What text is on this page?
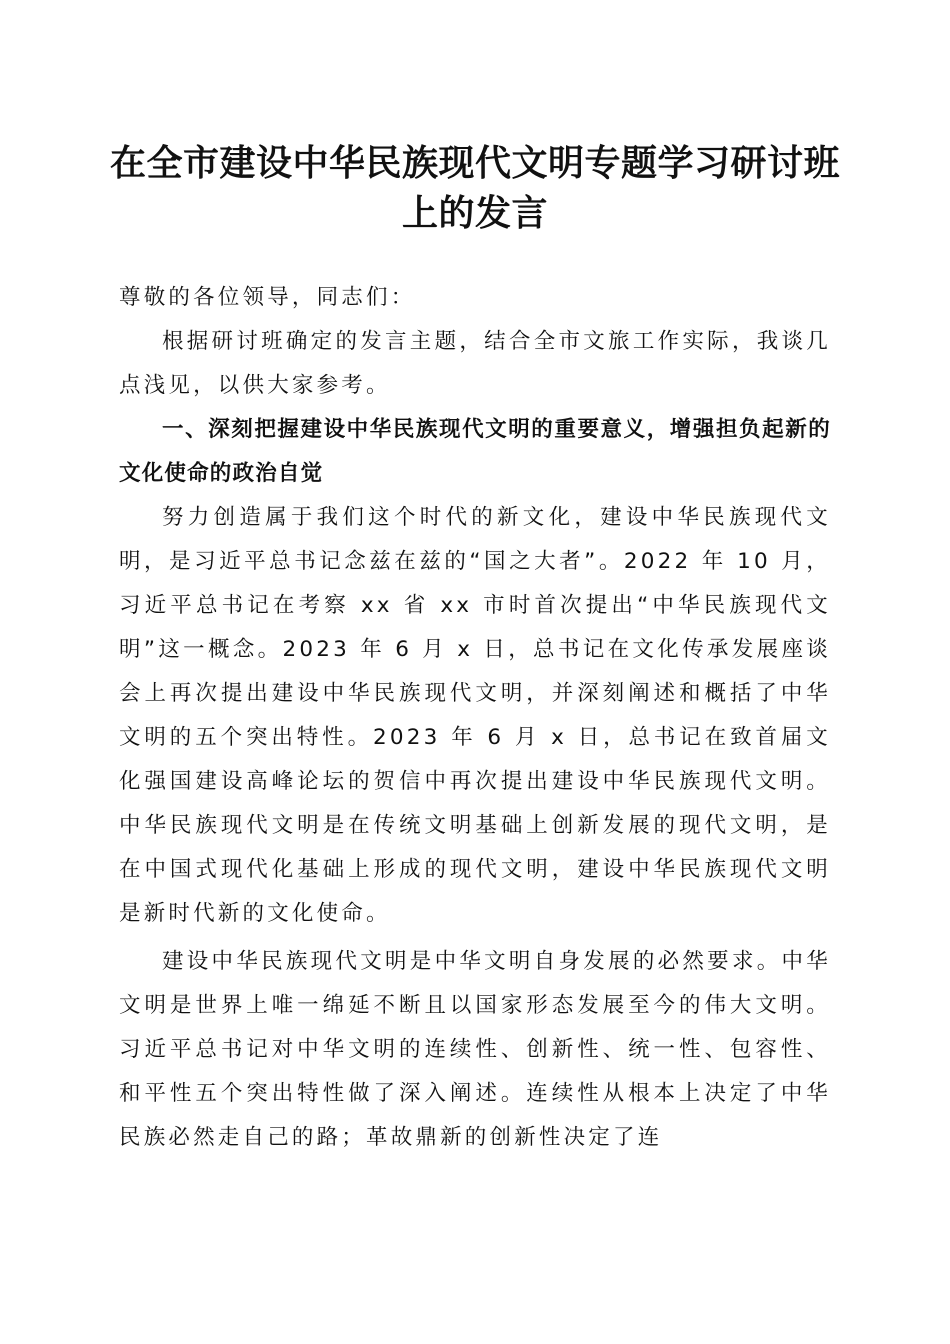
在全市建设中华民族现代文明专题学习研讨班上的发言

尊敬的各位领导，同志们：

根据研讨班确定的发言主题，结合全市文旅工作实际，我谈几点浅见，以供大家参考。

一、深刻把握建设中华民族现代文明的重要意义，增强担负起新的文化使命的政治自觉

努力创造属于我们这个时代的新文化，建设中华民族现代文明，是习近平总书记念兹在兹的“国之大者”。2022 年 10 月，习近平总书记在考察 xx 省 xx 市时首次提出“中华民族现代文明”这一概念。2023 年 6 月 x 日，总书记在文化传承发展座谈会上再次提出建设中华民族现代文明，并深刻阐述和概括了中华文明的五个突出特性。2023 年 6 月 x 日，总书记在致首届文化强国建设高峰论坛的贺信中再次提出建设中华民族现代文明。中华民族现代文明是在传统文明基础上创新发展的现代文明，是在中国式现代化基础上形成的现代文明，建设中华民族现代文明是新时代新的文化使命。

建设中华民族现代文明是中华文明自身发展的必然要求。中华文明是世界上唯一绵延不断且以国家形态发展至今的伟大文明。习近平总书记对中华文明的连续性、创新性、统一性、包容性、和平性五个突出特性做了深入阐述。连续性从根本上决定了中华民族必然走自己的路；革故鼎新的创新性决定了连
